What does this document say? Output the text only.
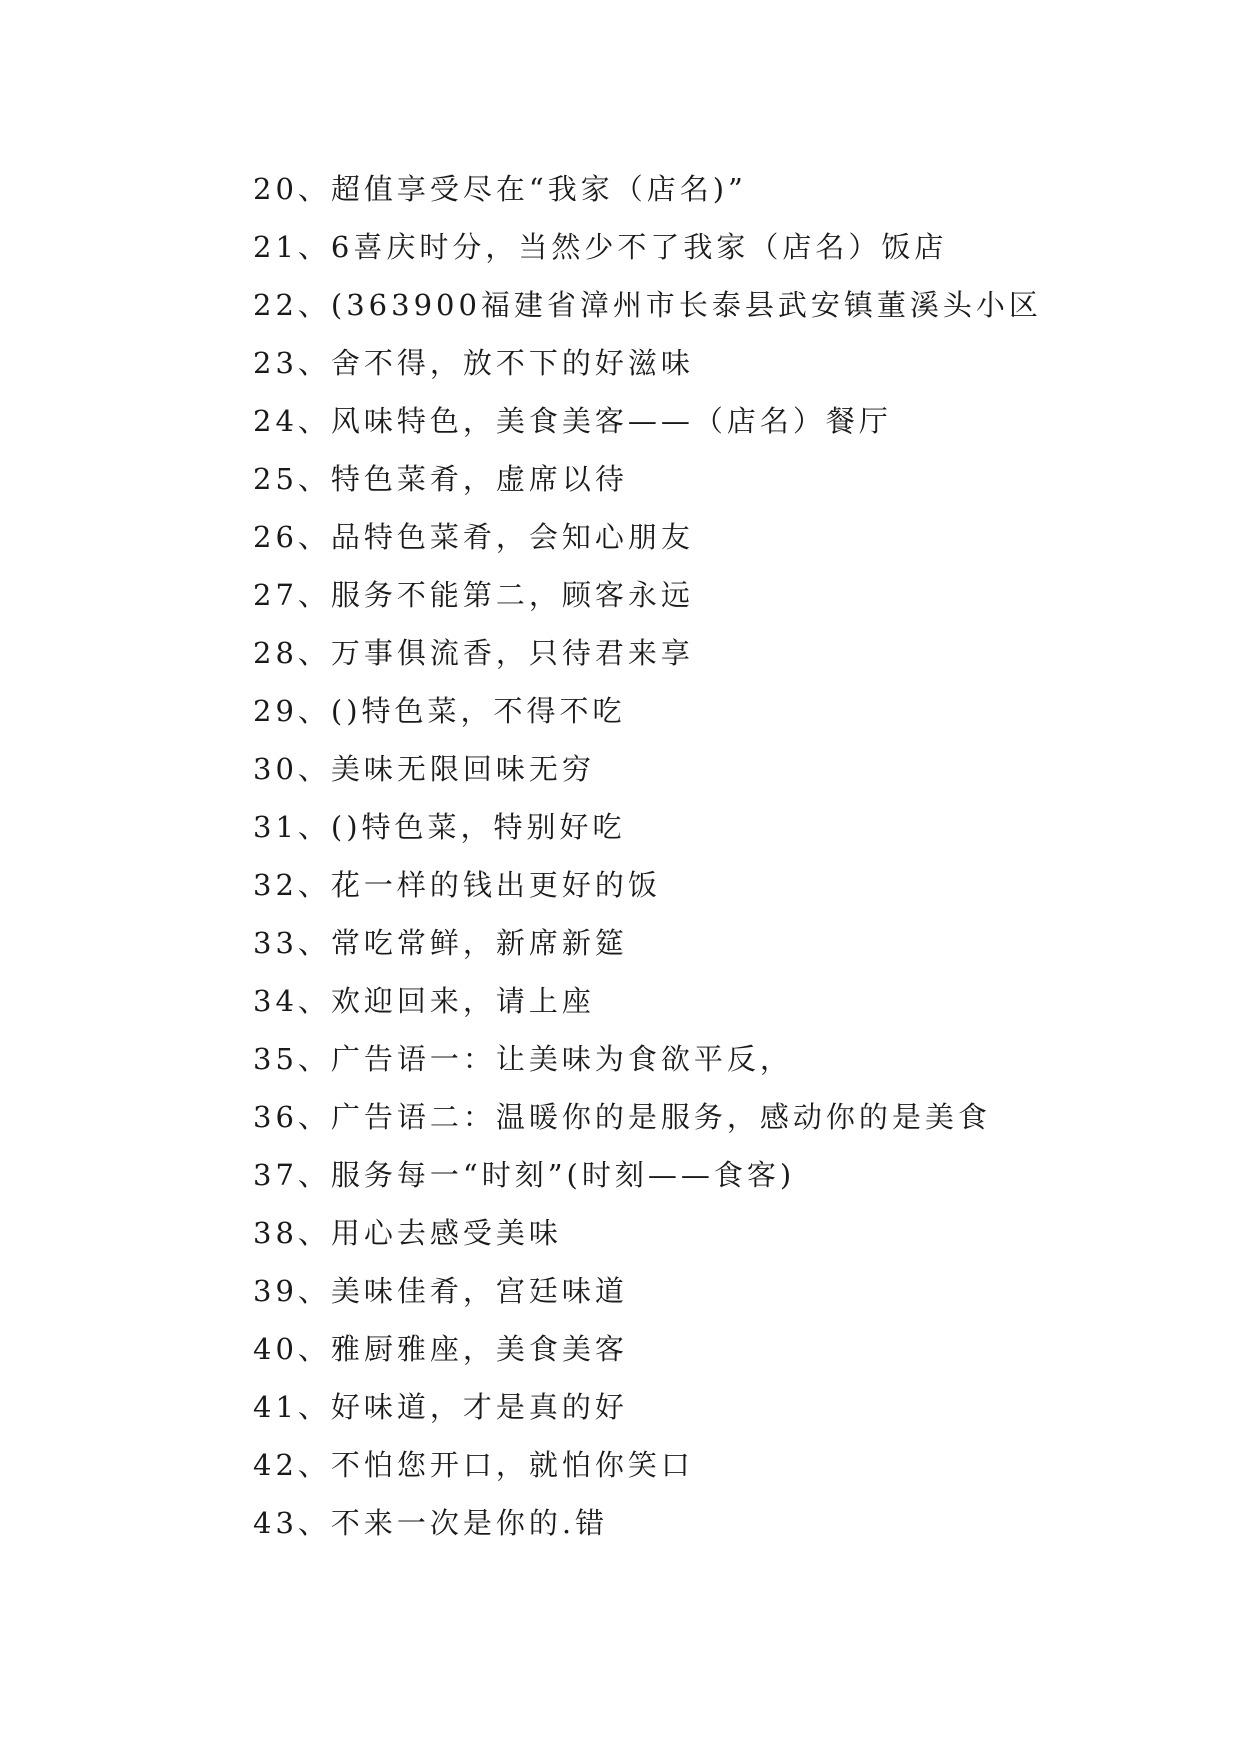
20、超值享受尽在“我家（店名)”
21、6喜庆时分，当然少不了我家（店名）饭店
22、(363900福建省漳州市长泰县武安镇董溪头小区
23、舍不得，放不下的好滋味
24、风味特色，美食美客——（店名）餐厅
25、特色菜肴，虚席以待
26、品特色菜肴，会知心朋友
27、服务不能第二，顾客永远
28、万事俱流香，只待君来享
29、()特色菜，不得不吃
30、美味无限回味无穷
31、()特色菜，特别好吃
32、花一样的钱出更好的饭
33、常吃常鲜，新席新筵
34、欢迎回来，请上座
35、广告语一：让美味为食欲平反，
36、广告语二：温暖你的是服务，感动你的是美食
37、服务每一“时刻”(时刻——食客)
38、用心去感受美味
39、美味佳肴，宫廷味道
40、雅厨雅座，美食美客
41、好味道，才是真的好
42、不怕您开口，就怕你笑口
43、不来一次是你的.错
